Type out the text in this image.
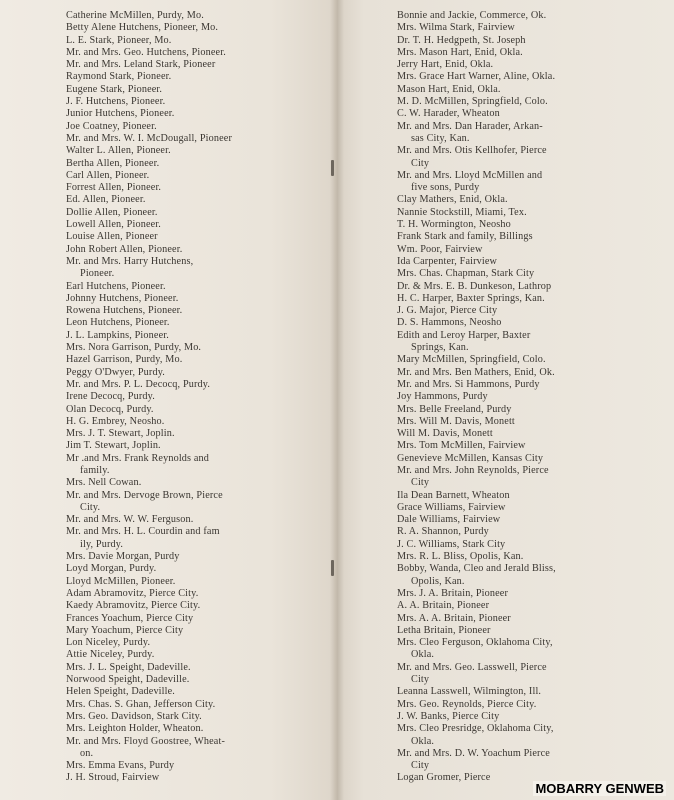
Catherine McMillen, Purdy, Mo.
Betty Alene Hutchens, Pioneer, Mo.
L. E. Stark, Pioneer, Mo.
Mr. and Mrs. Geo. Hutchens, Pioneer.
Mr. and Mrs. Leland Stark, Pioneer
Raymond Stark, Pioneer.
Eugene Stark, Pioneer.
J. F. Hutchens, Pioneer.
Junior Hutchens, Pioneer.
Joe Coatney, Pioneer.
Mr. and Mrs. W. I. McDougall, Pioneer
Walter L. Allen, Pioneer.
Bertha Allen, Pioneer.
Carl Allen, Pioneer.
Forrest Allen, Pioneer.
Ed. Allen, Pioneer.
Dollie Allen, Pioneer.
Lowell Allen, Pioneer.
Louise Allen, Pioneer
John Robert Allen, Pioneer.
Mr. and Mrs. Harry Hutchens,
Pioneer.
Earl Hutchens, Pioneer.
Johnny Hutchens, Pioneer.
Rowena Hutchens, Pioneer.
Leon Hutchens, Pioneer.
J. L. Lampkins, Pioneer.
Mrs. Nora Garrison, Purdy, Mo.
Hazel Garrison, Purdy, Mo.
Peggy O'Dwyer, Purdy.
Mr. and Mrs. P. L. Decocq, Purdy.
Irene Decocq, Purdy.
Olan Decocq, Purdy.
H. G. Embrey, Neosho.
Mrs. J. T. Stewart, Joplin.
Jim T. Stewart, Joplin.
Mr .and Mrs. Frank Reynolds and
family.
Mrs. Nell Cowan.
Mr. and Mrs. Dervoge Brown, Pierce
City.
Mr. and Mrs. W. W. Ferguson.
Mr. and Mrs. H. L. Courdin and fam
ily, Purdy.
Mrs. Davie Morgan, Purdy
Loyd Morgan, Purdy.
Lloyd McMillen, Pioneer.
Adam Abramovitz, Pierce City.
Kaedy Abramovitz, Pierce City.
Frances Yoachum, Pierce City
Mary Yoachum, Pierce City
Lon Niceley, Purdy.
Attie Niceley, Purdy.
Mrs. J. L. Speight, Dadeville.
Norwood Speight, Dadeville.
Helen Speight, Dadeville.
Mrs. Chas. S. Ghan, Jefferson City.
Mrs. Geo. Davidson, Stark City.
Mrs. Leighton Holder, Wheaton.
Mr. and Mrs. Floyd Goostree, Wheat-
on.
Mrs. Emma Evans, Purdy
J. H. Stroud, Fairview
Bonnie and Jackie, Commerce, Ok.
Mrs. Wilma Stark, Fairview
Dr. T. H. Hedgpeth, St. Joseph
Mrs. Mason Hart, Enid, Okla.
Jerry Hart, Enid, Okla.
Mrs. Grace Hart Warner, Aline, Okla.
Mason Hart, Enid, Okla.
M. D. McMillen, Springfield, Colo.
C. W. Harader, Wheaton
Mr. and Mrs. Dan Harader, Arkan-
sas City, Kan.
Mr. and Mrs. Otis Kellhofer, Pierce
City
Mr. and Mrs. Lloyd McMillen and
five sons, Purdy
Clay Mathers, Enid, Okla.
Nannie Stockstill, Miami, Tex.
T. H. Wormington, Neosho
Frank Stark and family, Billings
Wm. Poor, Fairview
Ida Carpenter, Fairview
Mrs. Chas. Chapman, Stark City
Dr. & Mrs. E. B. Dunkeson, Lathrop
H. C. Harper, Baxter Springs, Kan.
J. G. Major, Pierce City
D. S. Hammons, Neosho
Edith and Leroy Harper, Baxter
Springs, Kan.
Mary McMillen, Springfield, Colo.
Mr. and Mrs. Ben Mathers, Enid, Ok.
Mr. and Mrs. Si Hammons, Purdy
Joy Hammons, Purdy
Mrs. Belle Freeland, Purdy
Mrs. Will M. Davis, Monett
Will M. Davis, Monett
Mrs. Tom McMillen, Fairview
Genevieve McMillen, Kansas City
Mr. and Mrs. John Reynolds, Pierce
City
Ila Dean Barnett, Wheaton
Grace Williams, Fairview
Dale Williams, Fairview
R. A. Shannon, Purdy
J. C. Williams, Stark City
Mrs. R. L. Bliss, Opolis, Kan.
Bobby, Wanda, Cleo and Jerald Bliss,
Opolis, Kan.
Mrs. J. A. Britain, Pioneer
A. A. Britain, Pioneer
Mrs. A. A. Britain, Pioneer
Letha Britain, Pioneer
Mrs. Cleo Ferguson, Oklahoma City,
Okla.
Mr. and Mrs. Geo. Lasswell, Pierce
City
Leanna Lasswell, Wilmington, Ill.
Mrs. Geo. Reynolds, Pierce City.
J. W. Banks, Pierce City
Mrs. Cleo Presridge, Oklahoma City,
Okla.
Mr. and Mrs. D. W. Yoachum Pierce
City
Logan Gromer, Pierce
MOBARRY GENWEB
